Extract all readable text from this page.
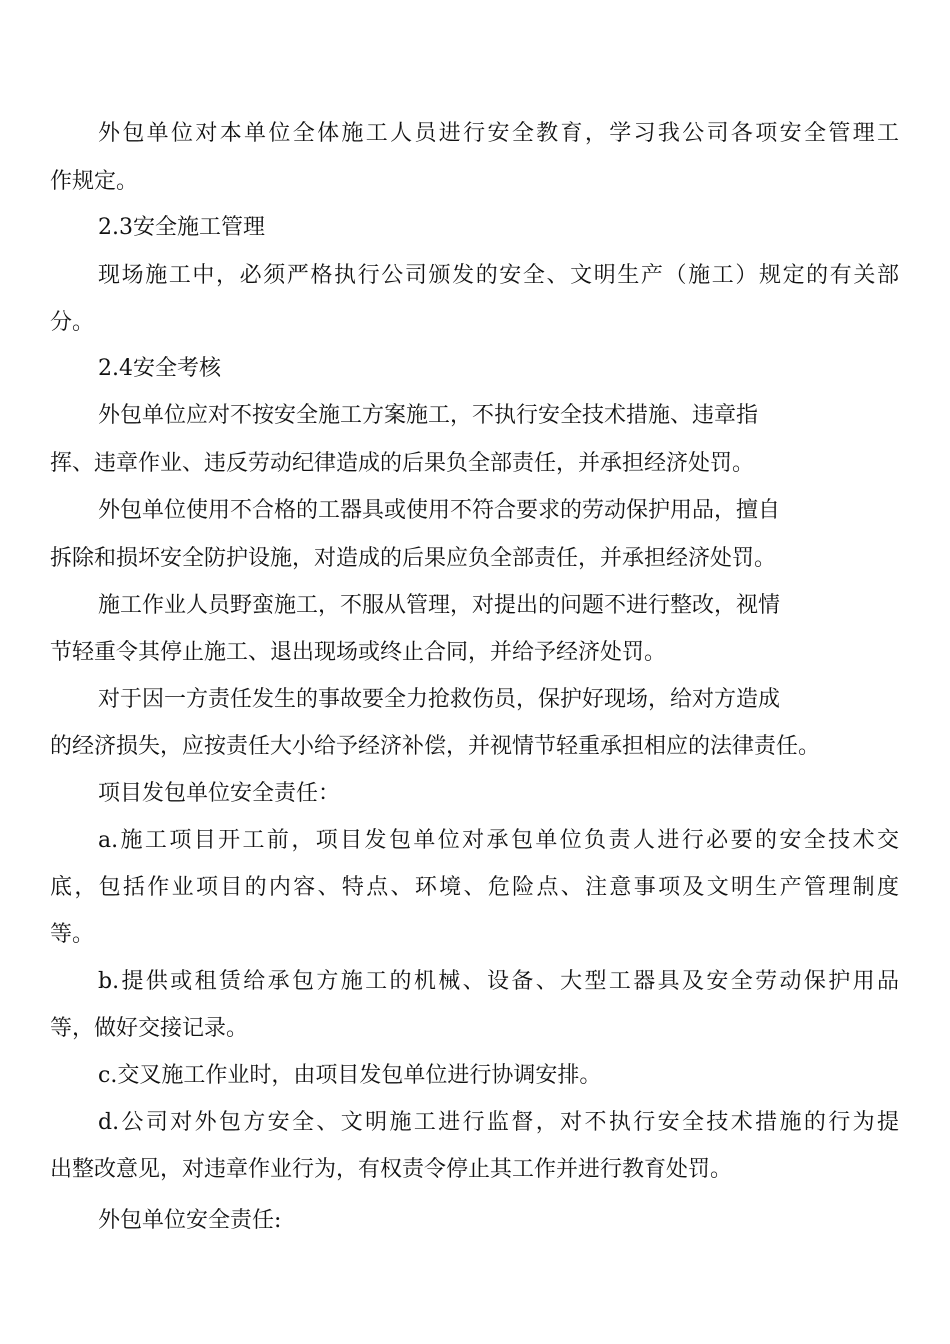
外包单位对本单位全体施工人员进行安全教育，学习我公司各项安全管理工
作规定。
2.3安全施工管理
现场施工中，必须严格执行公司颁发的安全、文明生产（施工）规定的有关部
分。
2.4安全考核
外包单位应对不按安全施工方案施工，不执行安全技术措施、违章指
挥、违章作业、违反劳动纪律造成的后果负全部责任，并承担经济处罚。
外包单位使用不合格的工器具或使用不符合要求的劳动保护用品，擅自
拆除和损坏安全防护设施，对造成的后果应负全部责任，并承担经济处罚。
施工作业人员野蛮施工，不服从管理，对提出的问题不进行整改，视情
节轻重令其停止施工、退出现场或终止合同，并给予经济处罚。
对于因一方责任发生的事故要全力抢救伤员，保护好现场，给对方造成
的经济损失，应按责任大小给予经济补偿，并视情节轻重承担相应的法律责任。
项目发包单位安全责任：
a.施工项目开工前，项目发包单位对承包单位负责人进行必要的安全技术交
底，包括作业项目的内容、特点、环境、危险点、注意事项及文明生产管理制度
等。
b.提供或租赁给承包方施工的机械、设备、大型工器具及安全劳动保护用品
等，做好交接记录。
c.交叉施工作业时，由项目发包单位进行协调安排。
d.公司对外包方安全、文明施工进行监督，对不执行安全技术措施的行为提
出整改意见，对违章作业行为，有权责令停止其工作并进行教育处罚。
外包单位安全责任:
